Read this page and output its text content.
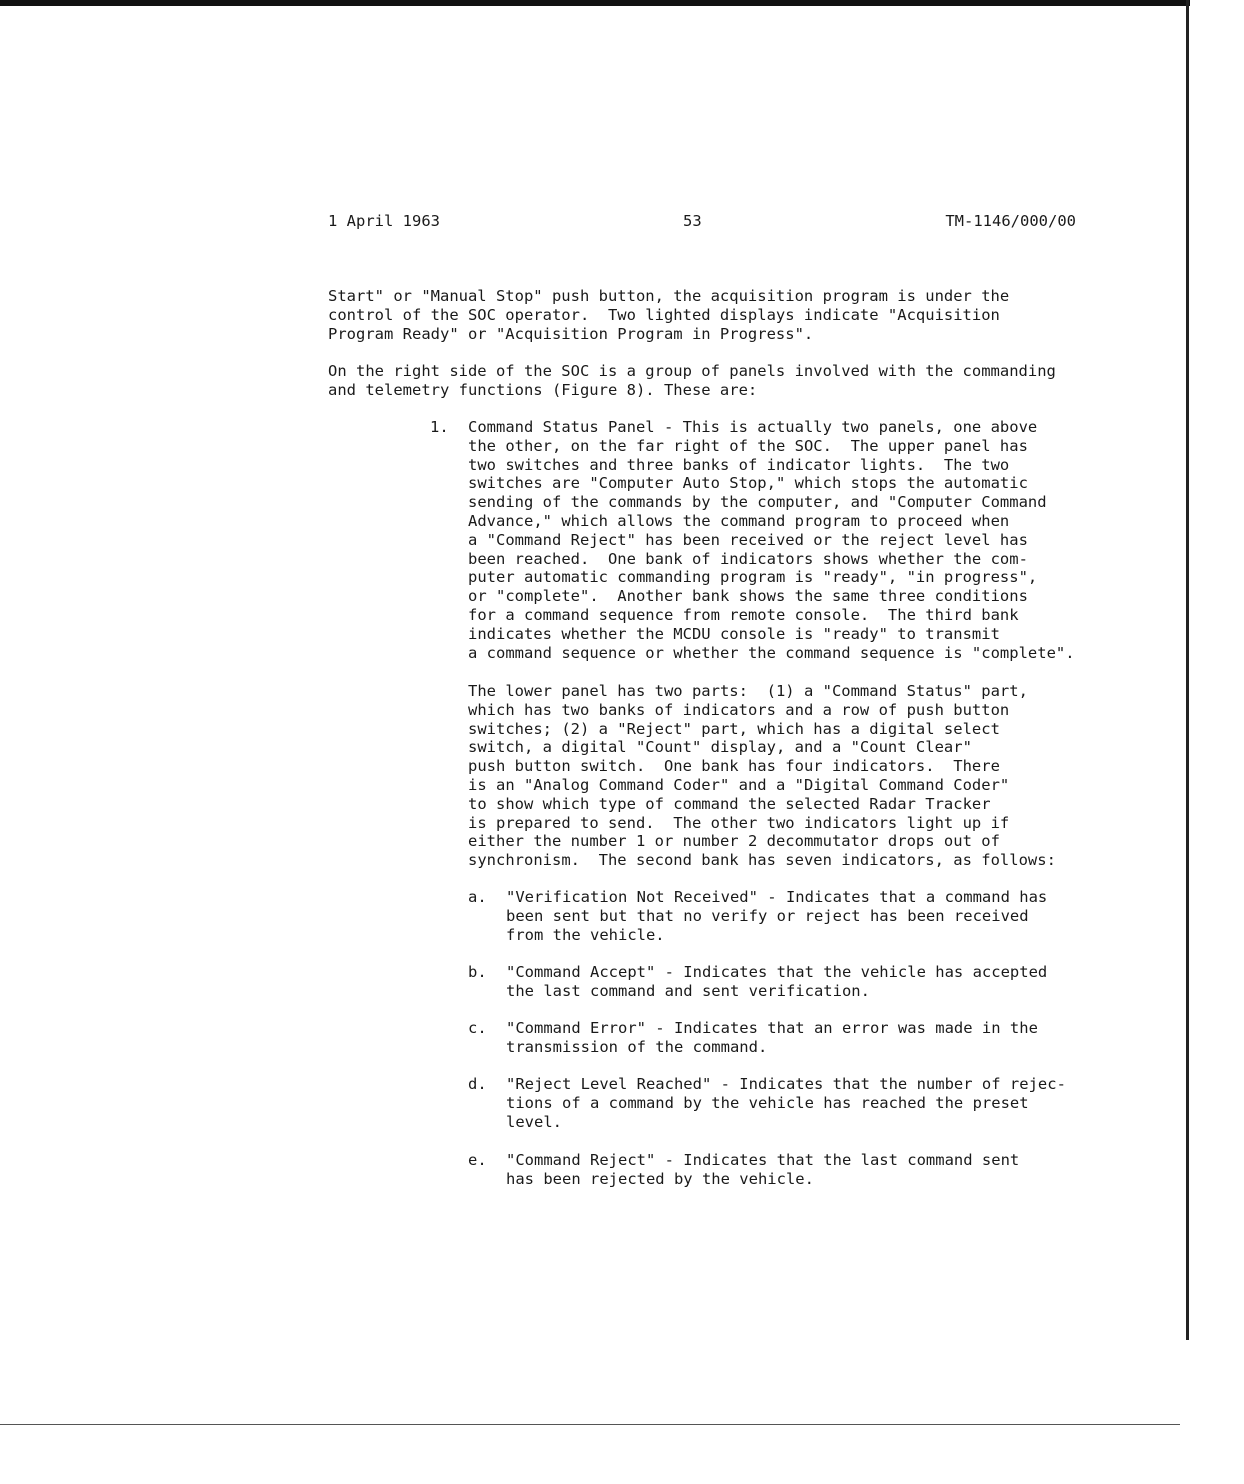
1 April 1963	53	TM-1146/000/00

Start" or "Manual Stop" push button, the acquisition program is under the
control of the SOC operator.  Two lighted displays indicate "Acquisition
Program Ready" or "Acquisition Program in Progress".

On the right side of the SOC is a group of panels involved with the commanding
and telemetry functions (Figure 8). These are:

1. Command Status Panel - This is actually two panels, one above
the other, on the far right of the SOC.  The upper panel has
two switches and three banks of indicator lights.  The two
switches are "Computer Auto Stop," which stops the automatic
sending of the commands by the computer, and "Computer Command
Advance," which allows the command program to proceed when
a "Command Reject" has been received or the reject level has
been reached.  One bank of indicators shows whether the com-
puter automatic commanding program is "ready", "in progress",
or "complete".  Another bank shows the same three conditions
for a command sequence from remote console.  The third bank
indicates whether the MCDU console is "ready" to transmit
a command sequence or whether the command sequence is "complete".

The lower panel has two parts:  (1) a "Command Status" part,
which has two banks of indicators and a row of push button
switches; (2) a "Reject" part, which has a digital select
switch, a digital "Count" display, and a "Count Clear"
push button switch.  One bank has four indicators.  There
is an "Analog Command Coder" and a "Digital Command Coder"
to show which type of command the selected Radar Tracker
is prepared to send.  The other two indicators light up if
either the number 1 or number 2 decommutator drops out of
synchronism.  The second bank has seven indicators, as follows:

a. "Verification Not Received" - Indicates that a command has
been sent but that no verify or reject has been received
from the vehicle.

b. "Command Accept" - Indicates that the vehicle has accepted
the last command and sent verification.

c. "Command Error" - Indicates that an error was made in the
transmission of the command.

d. "Reject Level Reached" - Indicates that the number of rejec-
tions of a command by the vehicle has reached the preset
level.

e. "Command Reject" - Indicates that the last command sent
has been rejected by the vehicle.
